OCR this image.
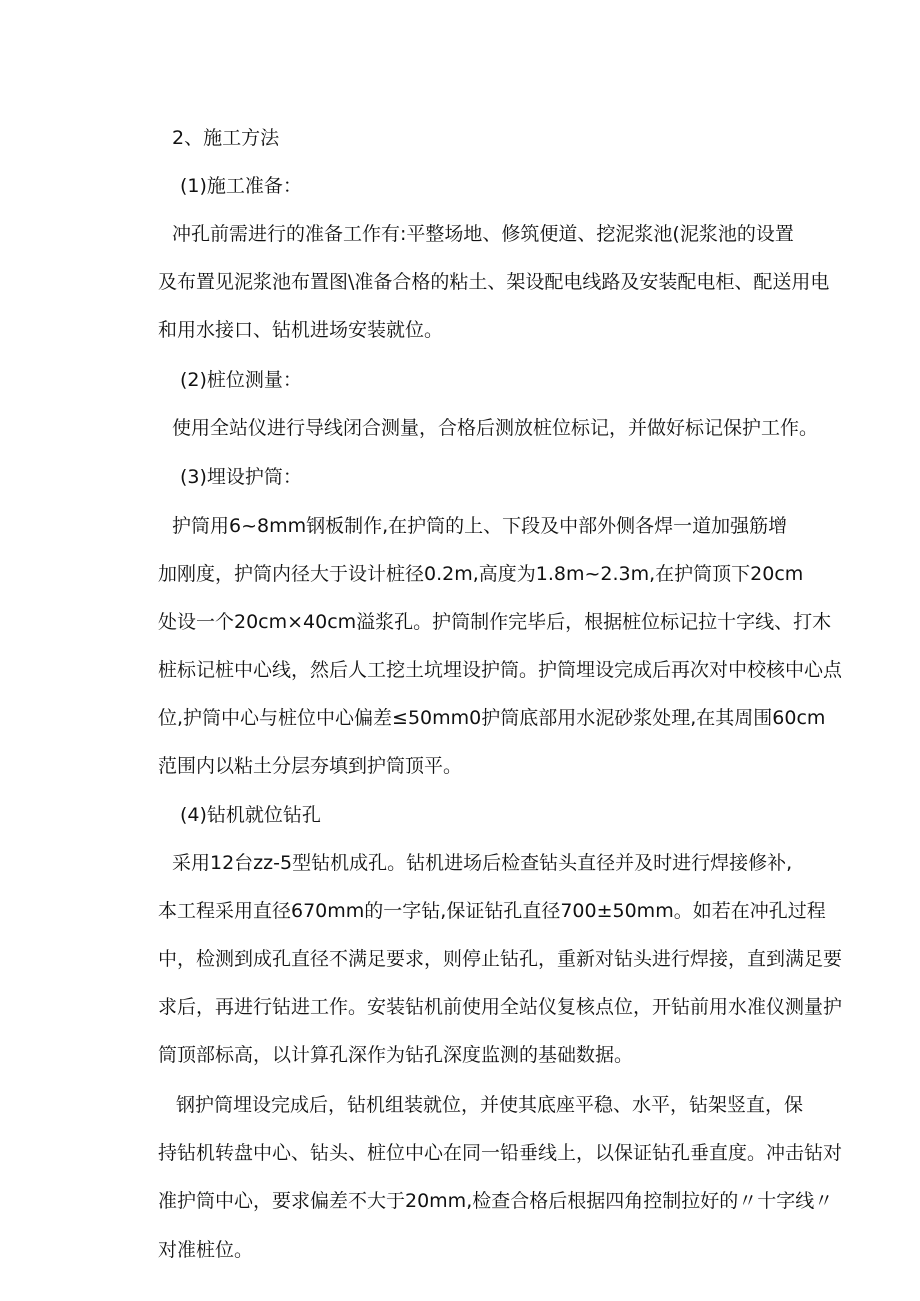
2、施工方法
(1)施工准备：
冲孔前需进行的准备工作有:平整场地、修筑便道、挖泥浆池(泥浆池的设置
及布置见泥浆池布置图\准备合格的粘土、架设配电线路及安装配电柜、配送用电
和用水接口、钻机进场安装就位。
(2)桩位测量：
使用全站仪进行导线闭合测量，合格后测放桩位标记，并做好标记保护工作。
(3)埋设护筒：
护筒用6~8mm钢板制作,在护筒的上、下段及中部外侧各焊一道加强筋增
加刚度，护筒内径大于设计桩径0.2m,高度为1.8m~2.3m,在护筒顶下20cm
处设一个20cm×40cm溢浆孔。护筒制作完毕后，根据桩位标记拉十字线、打木
桩标记桩中心线，然后人工挖土坑埋设护筒。护筒埋设完成后再次对中校核中心点
位,护筒中心与桩位中心偏差≤50mm0护筒底部用水泥砂浆处理,在其周围60cm
范围内以粘土分层夯填到护筒顶平。
(4)钻机就位钻孔
采用12台zz-5型钻机成孔。钻机进场后检查钻头直径并及时进行焊接修补,
本工程采用直径670mm的一字钻,保证钻孔直径700±50mm。如若在冲孔过程
中，检测到成孔直径不满足要求，则停止钻孔，重新对钻头进行焊接，直到满足要
求后，再进行钻进工作。安装钻机前使用全站仪复核点位，开钻前用水准仪测量护
筒顶部标高，以计算孔深作为钻孔深度监测的基础数据。
钢护筒埋设完成后，钻机组装就位，并使其底座平稳、水平，钻架竖直，保
持钻机转盘中心、钻头、桩位中心在同一铅垂线上，以保证钻孔垂直度。冲击钻对
准护筒中心，要求偏差不大于20mm,检查合格后根据四角控制拉好的〃十字线〃
对准桩位。
